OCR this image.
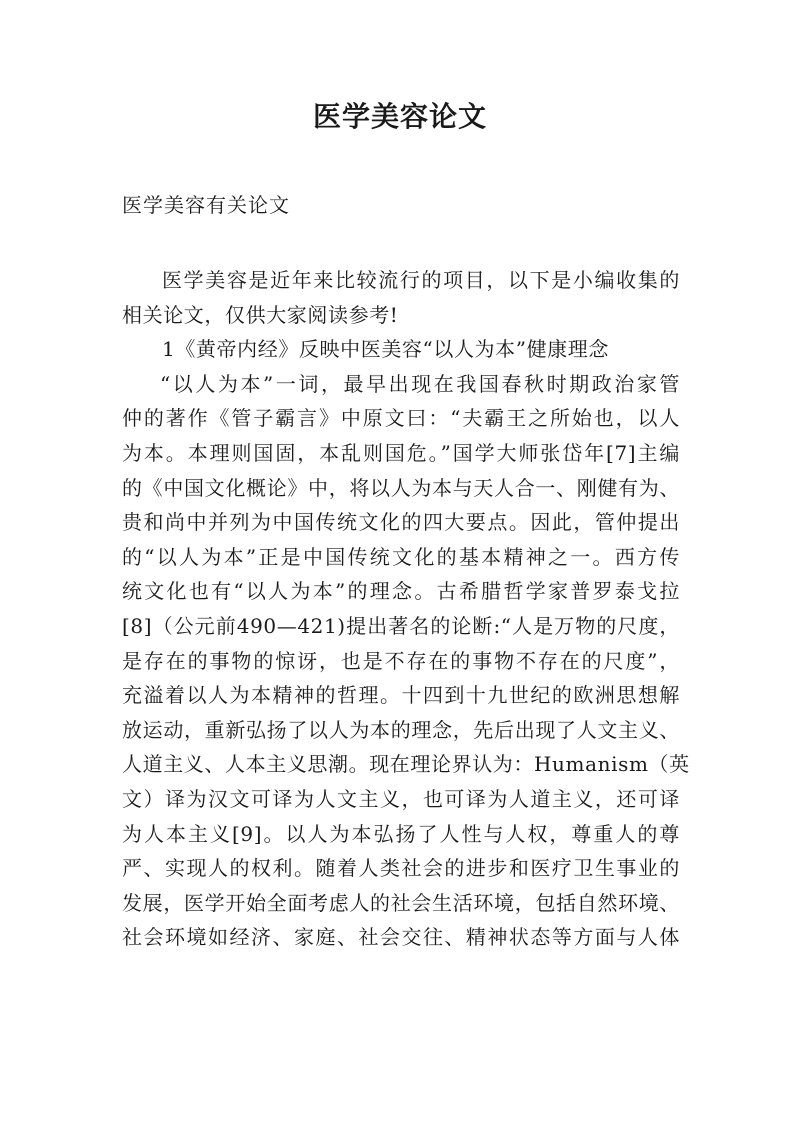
医学美容论文
医学美容有关论文
医学美容是近年来比较流行的项目，以下是小编收集的
相关论文，仅供大家阅读参考!
1《黄帝内经》反映中医美容“以人为本”健康理念
“以人为本”一词，最早出现在我国春秋时期政治家管
仲的著作《管子霸言》中原文曰：“夫霸王之所始也，以人
为本。本理则国固，本乱则国危。”国学大师张岱年[7]主编
的《中国文化概论》中，将以人为本与天人合一、刚健有为、
贵和尚中并列为中国传统文化的四大要点。因此，管仲提出
的“以人为本”正是中国传统文化的基本精神之一。西方传
统文化也有“以人为本”的理念。古希腊哲学家普罗泰戈拉
[8]（公元前490—421)提出著名的论断:“人是万物的尺度，
是存在的事物的惊讶，也是不存在的事物不存在的尺度”，
充溢着以人为本精神的哲理。十四到十九世纪的欧洲思想解
放运动，重新弘扬了以人为本的理念，先后出现了人文主义、
人道主义、人本主义思潮。现在理论界认为：Humanism（英
文）译为汉文可译为人文主义，也可译为人道主义，还可译
为人本主义[9]。以人为本弘扬了人性与人权，尊重人的尊
严、实现人的权利。随着人类社会的进步和医疗卫生事业的
发展，医学开始全面考虑人的社会生活环境，包括自然环境、
社会环境如经济、家庭、社会交往、精神状态等方面与人体
